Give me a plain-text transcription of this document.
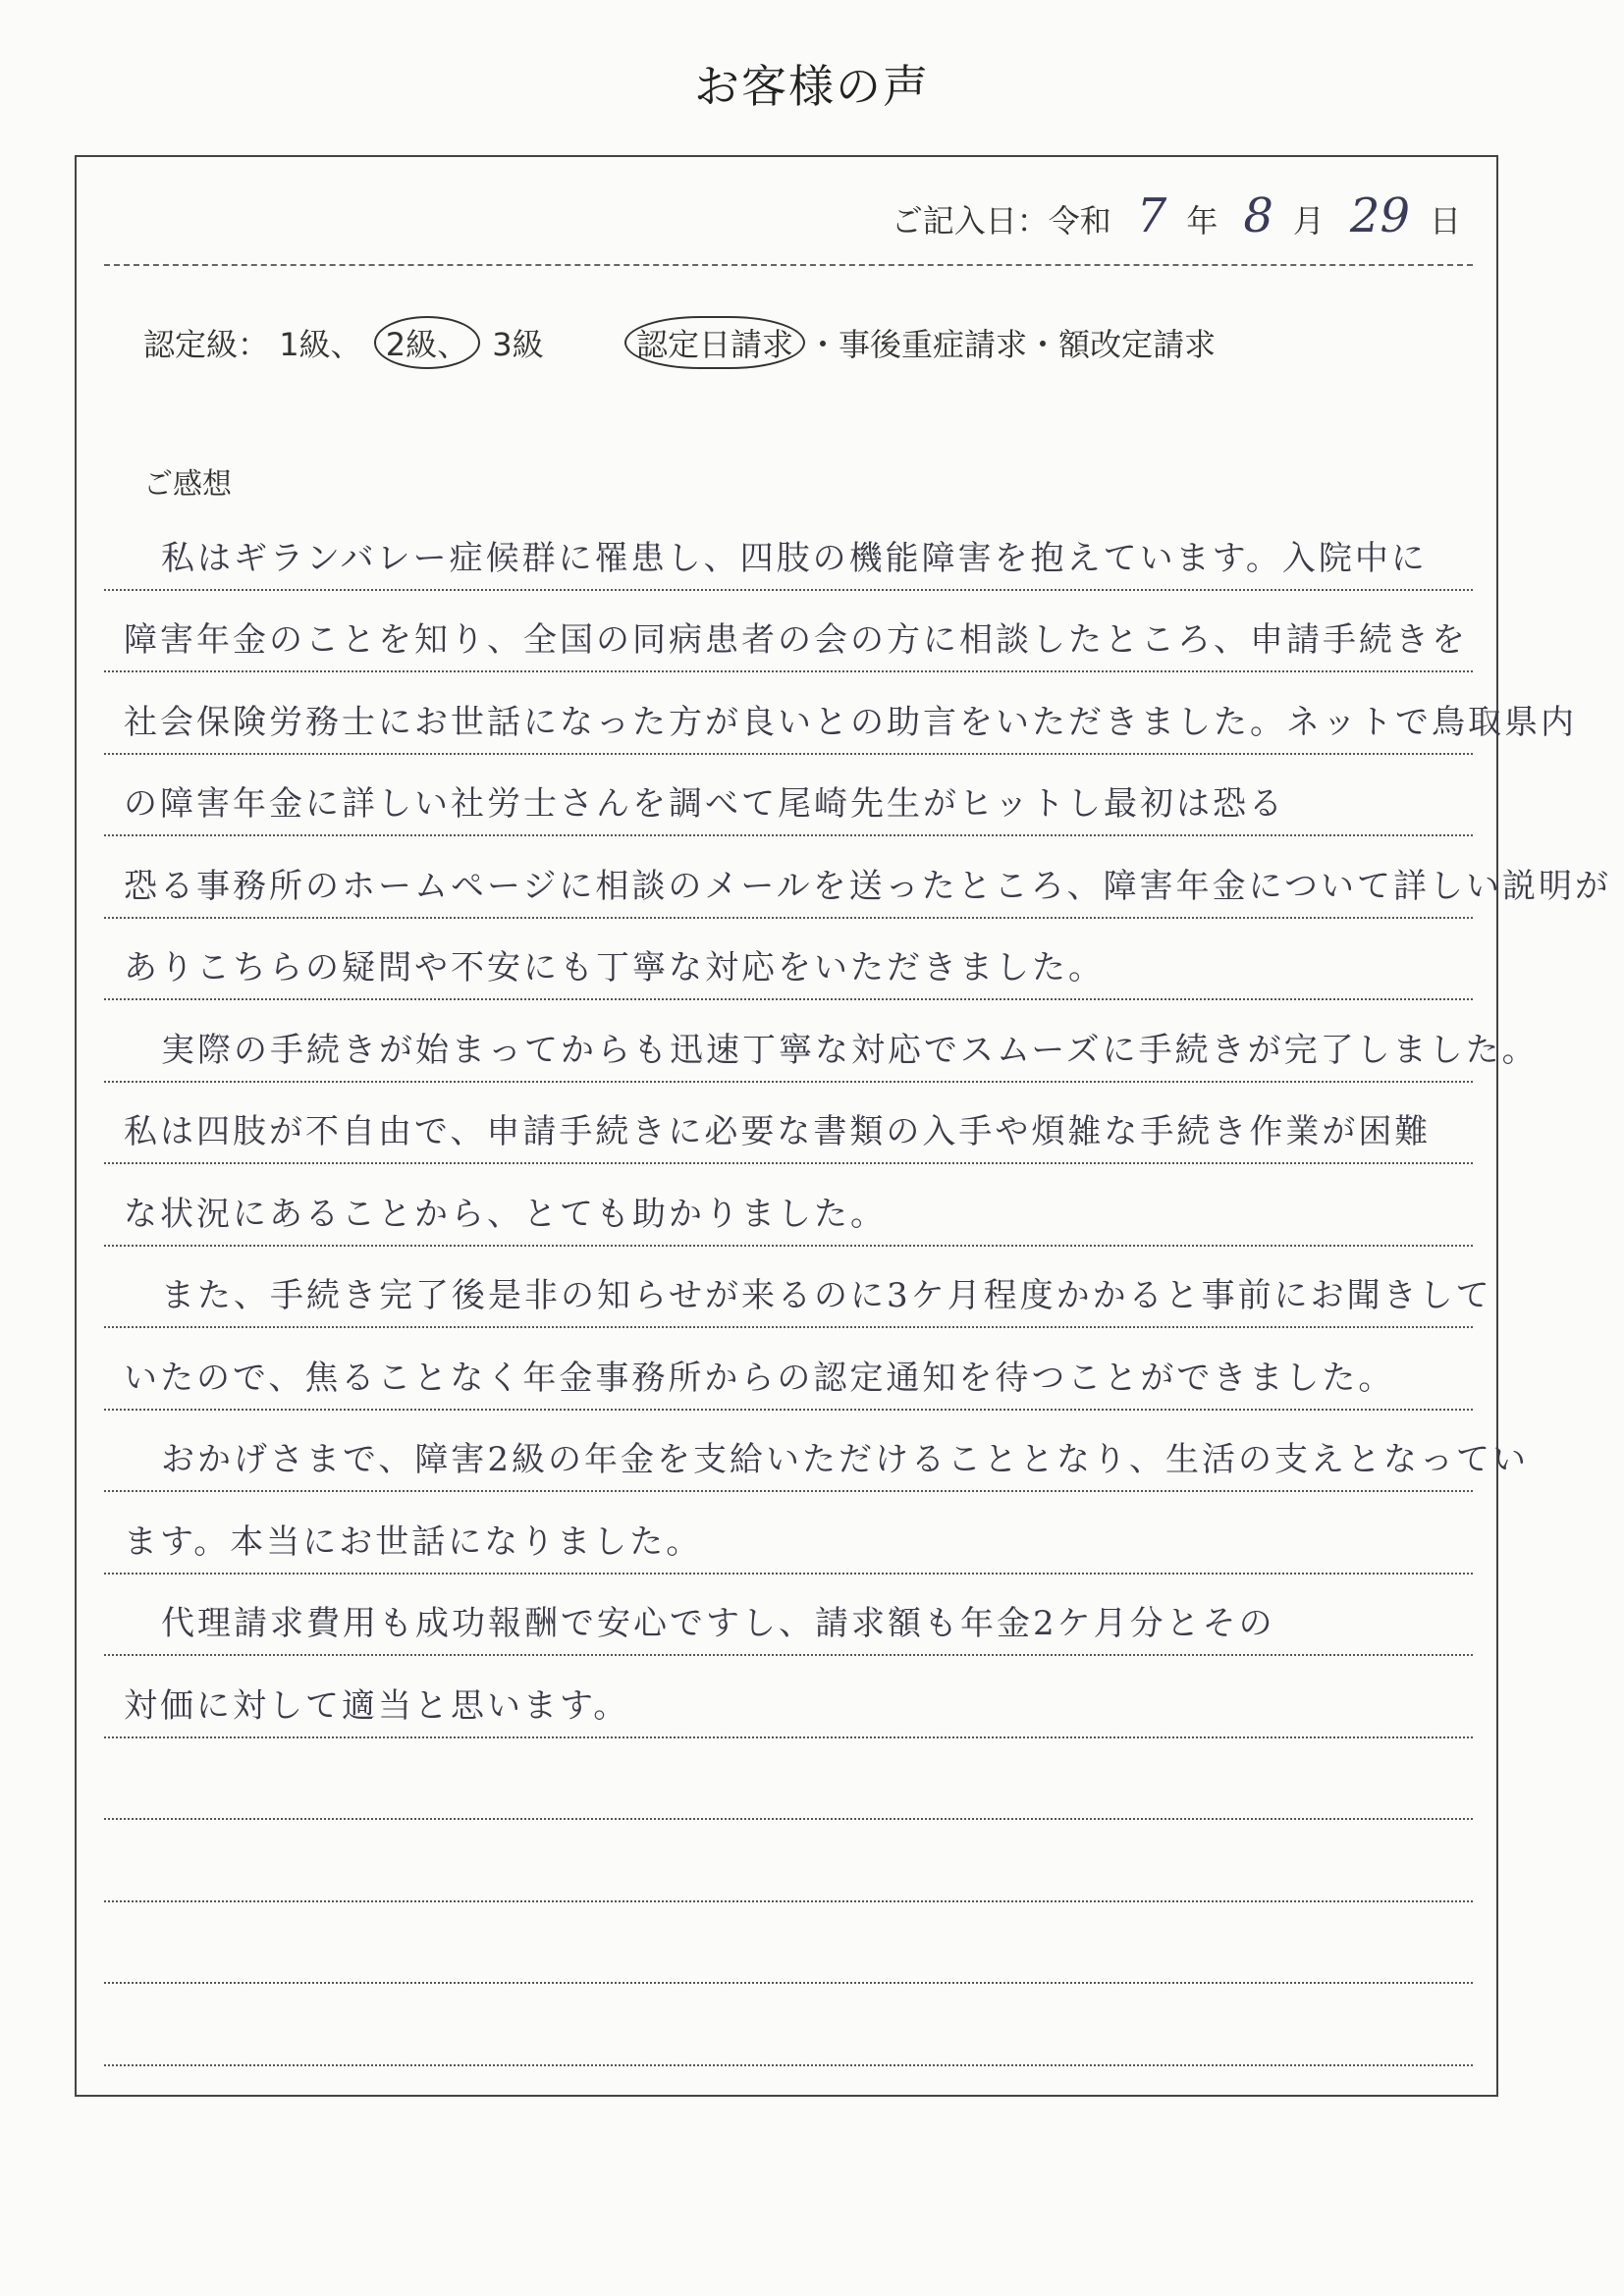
お客様の声
ご記入日：令和 7 年 8 月 29 日
認定級： 1級、 2級、 3級	認定日請求 ・事後重症請求・額改定請求
ご感想
私はギランバレー症候群に罹患し、四肢の機能障害を抱えています。入院中に
障害年金のことを知り、全国の同病患者の会の方に相談したところ、申請手続きを
社会保険労務士にお世話になった方が良いとの助言をいただきました。ネットで鳥取県内
の障害年金に詳しい社労士さんを調べて尾崎先生がヒットし最初は恐る
恐る事務所のホームページに相談のメールを送ったところ、障害年金について詳しい説明が
ありこちらの疑問や不安にも丁寧な対応をいただきました。
実際の手続きが始まってからも迅速丁寧な対応でスムーズに手続きが完了しました。
私は四肢が不自由で、申請手続きに必要な書類の入手や煩雑な手続き作業が困難
な状況にあることから、とても助かりました。
また、手続き完了後是非の知らせが来るのに3ケ月程度かかると事前にお聞きして
いたので、焦ることなく年金事務所からの認定通知を待つことができました。
おかげさまで、障害2級の年金を支給いただけることとなり、生活の支えとなってい
ます。本当にお世話になりました。
代理請求費用も成功報酬で安心ですし、請求額も年金2ケ月分とその
対価に対して適当と思います。
